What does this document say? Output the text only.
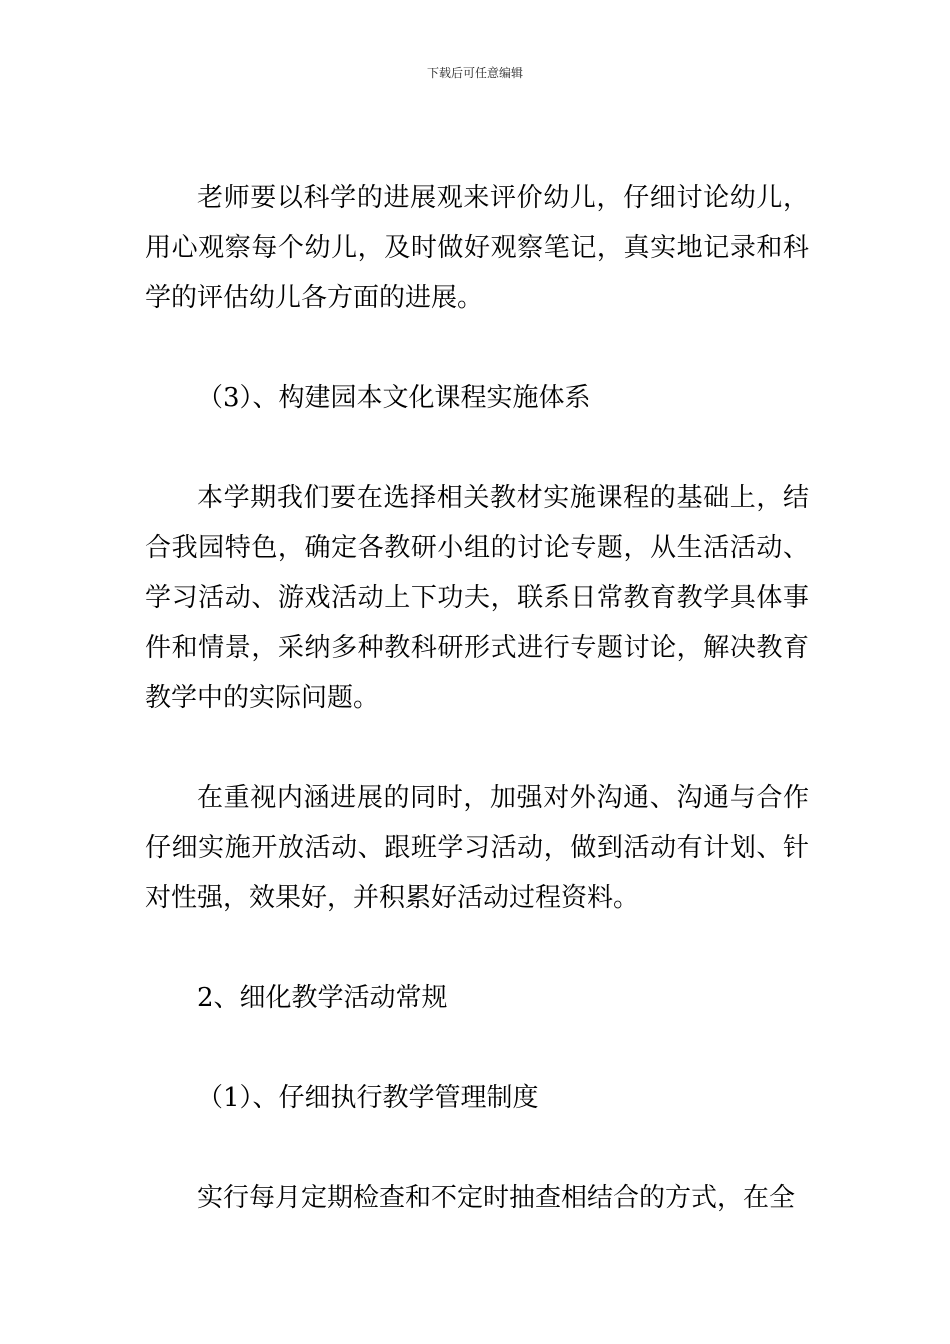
下载后可任意编辑

老师要以科学的进展观来评价幼儿，仔细讨论幼儿，用心观察每个幼儿，及时做好观察笔记，真实地记录和科学的评估幼儿各方面的进展。

（3）、构建园本文化课程实施体系

本学期我们要在选择相关教材实施课程的基础上，结合我园特色，确定各教研小组的讨论专题，从生活活动、学习活动、游戏活动上下功夫，联系日常教育教学具体事件和情景，采纳多种教科研形式进行专题讨论，解决教育教学中的实际问题。

在重视内涵进展的同时，加强对外沟通、沟通与合作仔细实施开放活动、跟班学习活动，做到活动有计划、针对性强，效果好，并积累好活动过程资料。

2、细化教学活动常规

（1）、仔细执行教学管理制度

实行每月定期检查和不定时抽查相结合的方式，在全
